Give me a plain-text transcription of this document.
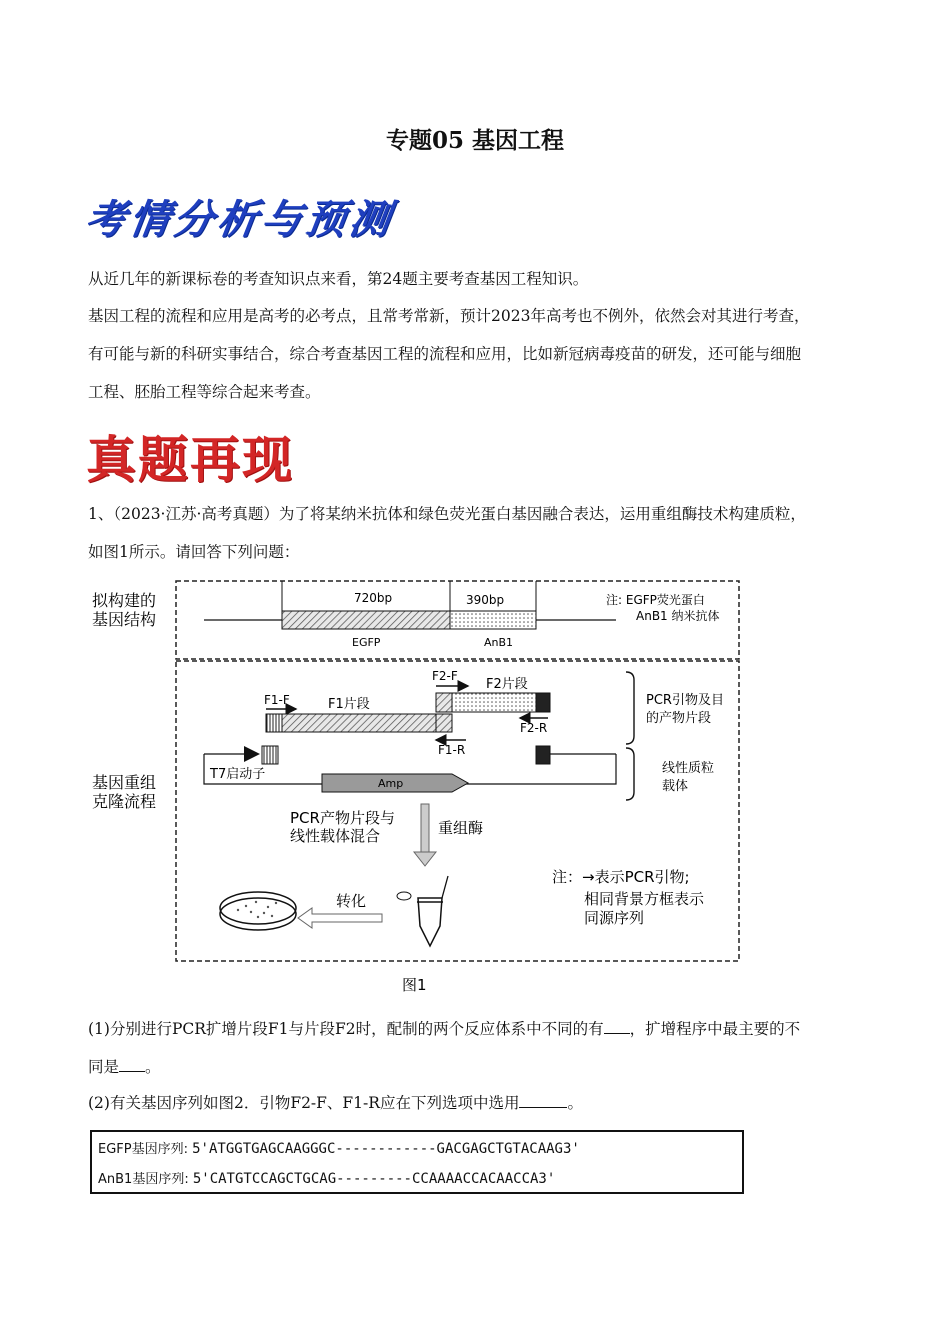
专题05 基因工程
考情分析与预测
从近几年的新课标卷的考查知识点来看，第24题主要考查基因工程知识。
基因工程的流程和应用是高考的必考点，且常考常新，预计2023年高考也不例外，依然会对其进行考查，
有可能与新的科研实事结合，综合考查基因工程的流程和应用，比如新冠病毒疫苗的研发，还可能与细胞
工程、胚胎工程等综合起来考查。
真题再现
1、（2023·江苏·高考真题）为了将某纳米抗体和绿色荧光蛋白基因融合表达，运用重组酶技术构建质粒，
如图1所示。请回答下列问题：
拟构建的
基因结构
720bp	390bp
EGFP	AnB1
注: EGFP荧光蛋白
AnB1 纳米抗体
基因重组
克隆流程
F1-F	F1片段
F1-R
F2-F
F2片段
F2-R
PCR引物及目
的产物片段
T7启动子
Amp
线性质粒
载体
PCR产物片段与
线性载体混合	重组酶
注：→表示PCR引物;
相同背景方框表示
同源序列
转化
图1
(1)分别进行PCR扩增片段F1与片段F2时，配制的两个反应体系中不同的有 ，扩增程序中最主要的不
同是 。
(2)有关基因序列如图2．引物F2-F、F1-R应在下列选项中选用	。
EGFP基因序列: 5'ATGGTGAGCAAGGGC------------GACGAGCTGTACAAG3'
AnB1基因序列: 5'CATGTCCAGCTGCAG---------CCAAAACCACAACCA3'
